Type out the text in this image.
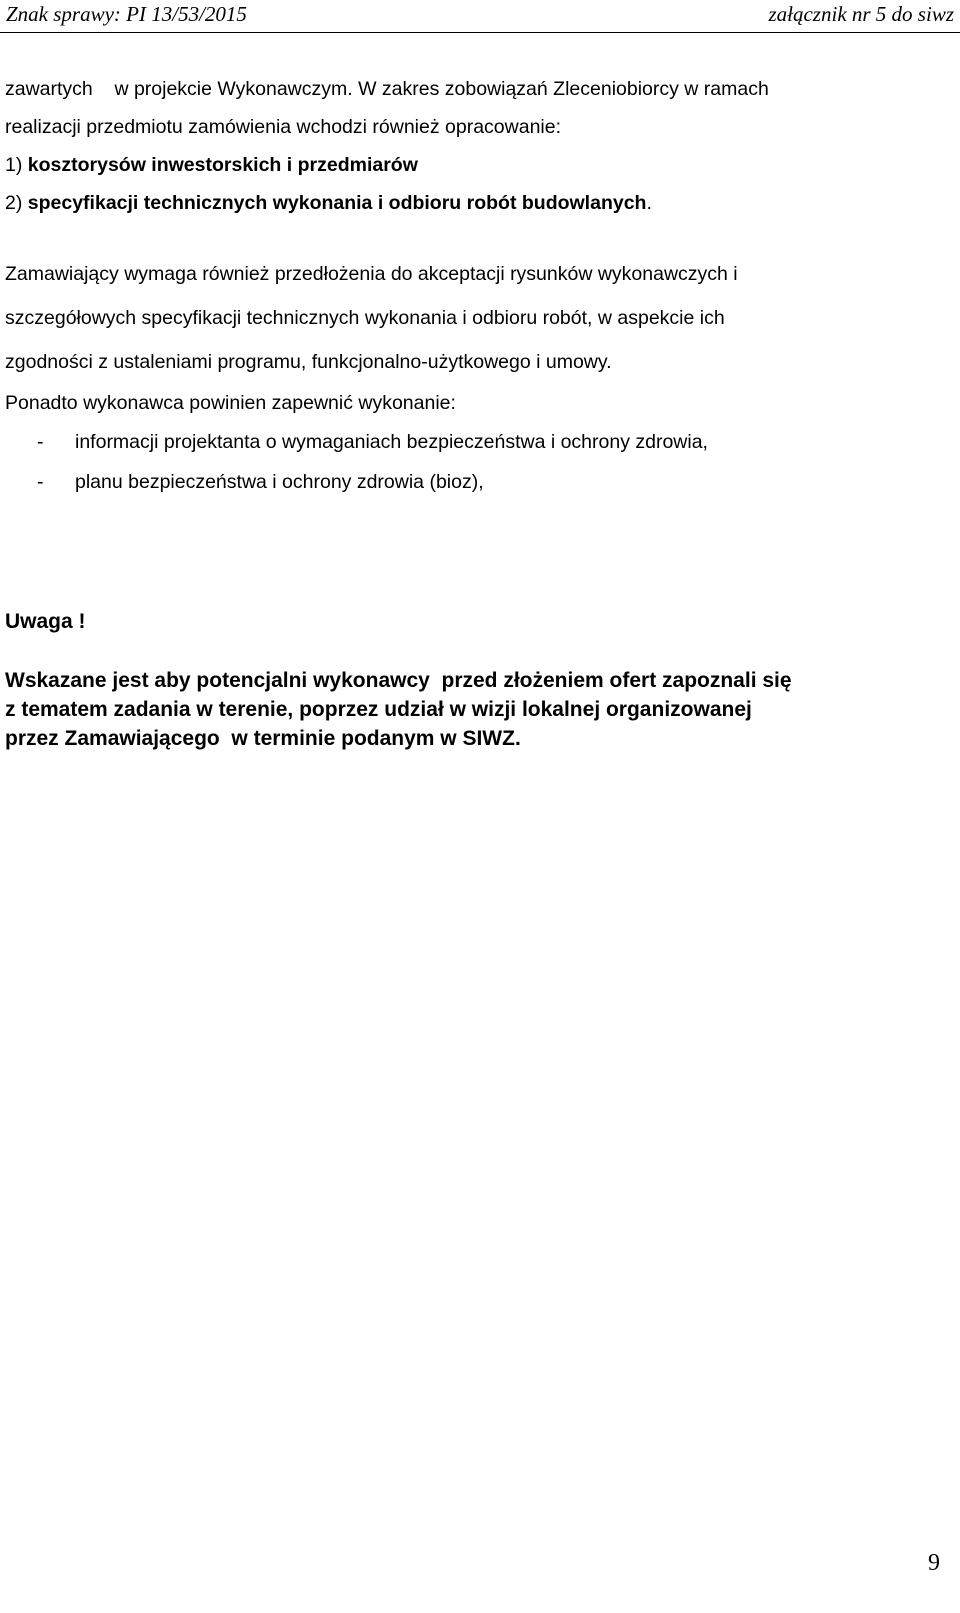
Znak sprawy: PI 13/53/2015	załącznik nr 5 do siwz
zawartych    w projekcie Wykonawczym. W zakres zobowiązań Zleceniobiorcy w ramach
realizacji przedmiotu zamówienia wchodzi również opracowanie:
1) kosztorysów inwestorskich i przedmiarów
2) specyfikacji technicznych wykonania i odbioru robót budowlanych.
Zamawiający wymaga również przedłożenia do akceptacji rysunków wykonawczych i
szczegółowych specyfikacji technicznych wykonania i odbioru robót, w aspekcie ich
zgodności z ustaleniami programu, funkcjonalno-użytkowego i umowy.
Ponadto wykonawca powinien zapewnić wykonanie:
- informacji projektanta o wymaganiach bezpieczeństwa i ochrony zdrowia,
- planu bezpieczeństwa i ochrony zdrowia (bioz),
Uwaga !
Wskazane jest aby potencjalni wykonawcy  przed złożeniem ofert zapoznali się
z tematem zadania w terenie, poprzez udział w wizji lokalnej organizowanej
przez Zamawiającego  w terminie podanym w SIWZ.
9
